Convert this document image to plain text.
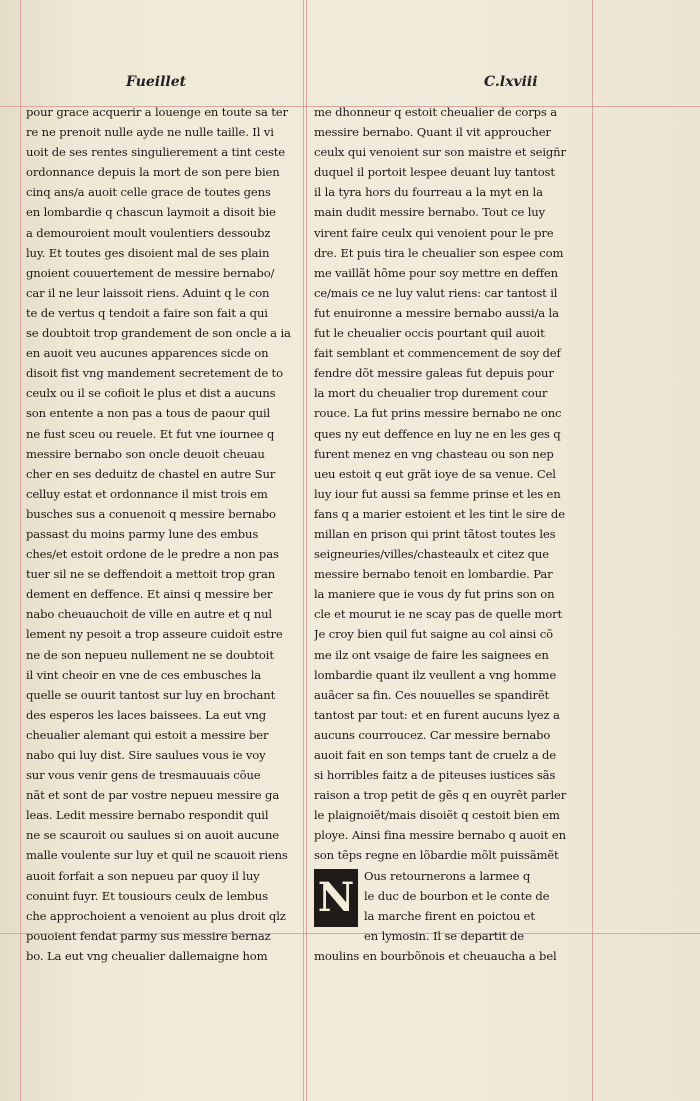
Fueillet	C.lxviii
pour grace acquerir a louenge en toute sa ter
re ne prenoit nulle ayde ne nulle taille. Il vi
uoit de ses rentes singulierement a tint ceste
ordonnance depuis la mort de son pere bien
cinq ans/a auoit celle grace de toutes gens
en lombardie q chascun laymoit a disoit bie
a demouroient moult voulentiers dessoubz
luy. Et toutes ges disoient mal de ses plain
gnoient couuertement de messire bernabo/
car il ne leur laissoit riens. Aduint q le con
te de vertus q tendoit a faire son fait a qui
se doubtoit trop grandement de son oncle a ia
en auoit veu aucunes apparences sicde on
disoit fist vng mandement secretement de to
ceulx ou il se cofioit le plus et dist a aucuns
son entente a non pas a tous de paour quil
ne fust sceu ou reuele. Et fut vne iournee q
messire bernabo son oncle deuoit cheuau
cher en ses deduitz de chastel en autre Sur
celluy estat et ordonnance il mist trois em
busches sus a conuenoit q messire bernabo
passast du moins parmy lune des embus
ches/et estoit ordone de le predre a non pas
tuer sil ne se deffendoit a mettoit trop gran
dement en deffence. Et ainsi q messire ber
nabo cheuauchoit de ville en autre et q nul
lement ny pesoit a trop asseure cuidoit estre
ne de son nepueu nullement ne se doubtoit
il vint cheoir en vne de ces embusches la
quelle se ouurit tantost sur luy en brochant
des esperos les laces baissees. La eut vng
cheualier alemant qui estoit a messire ber
nabo qui luy dist. Sire saulues vous ie voy
sur vous venir gens de tresmauuais cõue
nãt et sont de par vostre nepueu messire ga
leas. Ledit messire bernabo respondit quil
ne se scauroit ou saulues si on auoit aucune
malle voulente sur luy et quil ne scauoit riens
auoit forfait a son nepueu par quoy il luy
conuint fuyr. Et tousiours ceulx de lembus
che approchoient a venoient au plus droit qlz
pouoient fendat parmy sus messire bernaz
bo. La eut vng cheualier dallemaigne hom
me dhonneur q estoit cheualier de corps a
messire bernabo. Quant il vit approucher
ceulx qui venoient sur son maistre et seigñr
duquel il portoit lespee deuant luy tantost
il la tyra hors du fourreau a la myt en la
main dudit messire bernabo. Tout ce luy
virent faire ceulx qui venoient pour le pre
dre. Et puis tira le cheualier son espee com
me vaillãt hõme pour soy mettre en deffen
ce/mais ce ne luy valut riens: car tantost il
fut enuironne a messire bernabo aussi/a la
fut le cheualier occis pourtant quil auoit
fait semblant et commencement de soy def
fendre dõt messire galeas fut depuis pour
la mort du cheualier trop durement cour
rouce. La fut prins messire bernabo ne onc
ques ny eut deffence en luy ne en les ges q
furent menez en vng chasteau ou son nep
ueu estoit q eut grãt ioye de sa venue. Cel
luy iour fut aussi sa femme prinse et les en
fans q a marier estoient et les tint le sire de
millan en prison qui print tãtost toutes les
seigneuries/villes/chasteaulx et citez que
messire bernabo tenoit en lombardie. Par
la maniere que ie vous dy fut prins son on
cle et mourut ie ne scay pas de quelle mort
Je croy bien quil fut saigne au col ainsi cõ
me ilz ont vsaige de faire les saignees en
lombardie quant ilz veullent a vng homme
auãcer sa fin. Ces nouuelles se spandirẽt
tantost par tout: et en furent aucuns lyez a
aucuns courroucez. Car messire bernabo
auoit fait en son temps tant de cruelz a de
si horribles faitz a de piteuses iustices sãs
raison a trop petit de gẽs q en ouyrẽt parler
le plaignoiẽt/mais disoiẽt q cestoit bien em
ploye. Ainsi fina messire bernabo q auoit en
son tẽps regne en lõbardie mõlt puissãmẽt
N Ous retournerons a larmee q
le duc de bourbon et le conte de
la marche firent en poictou et
en lymosin. Il se departit de
moulins en bourbõnois et cheuaucha a bel
